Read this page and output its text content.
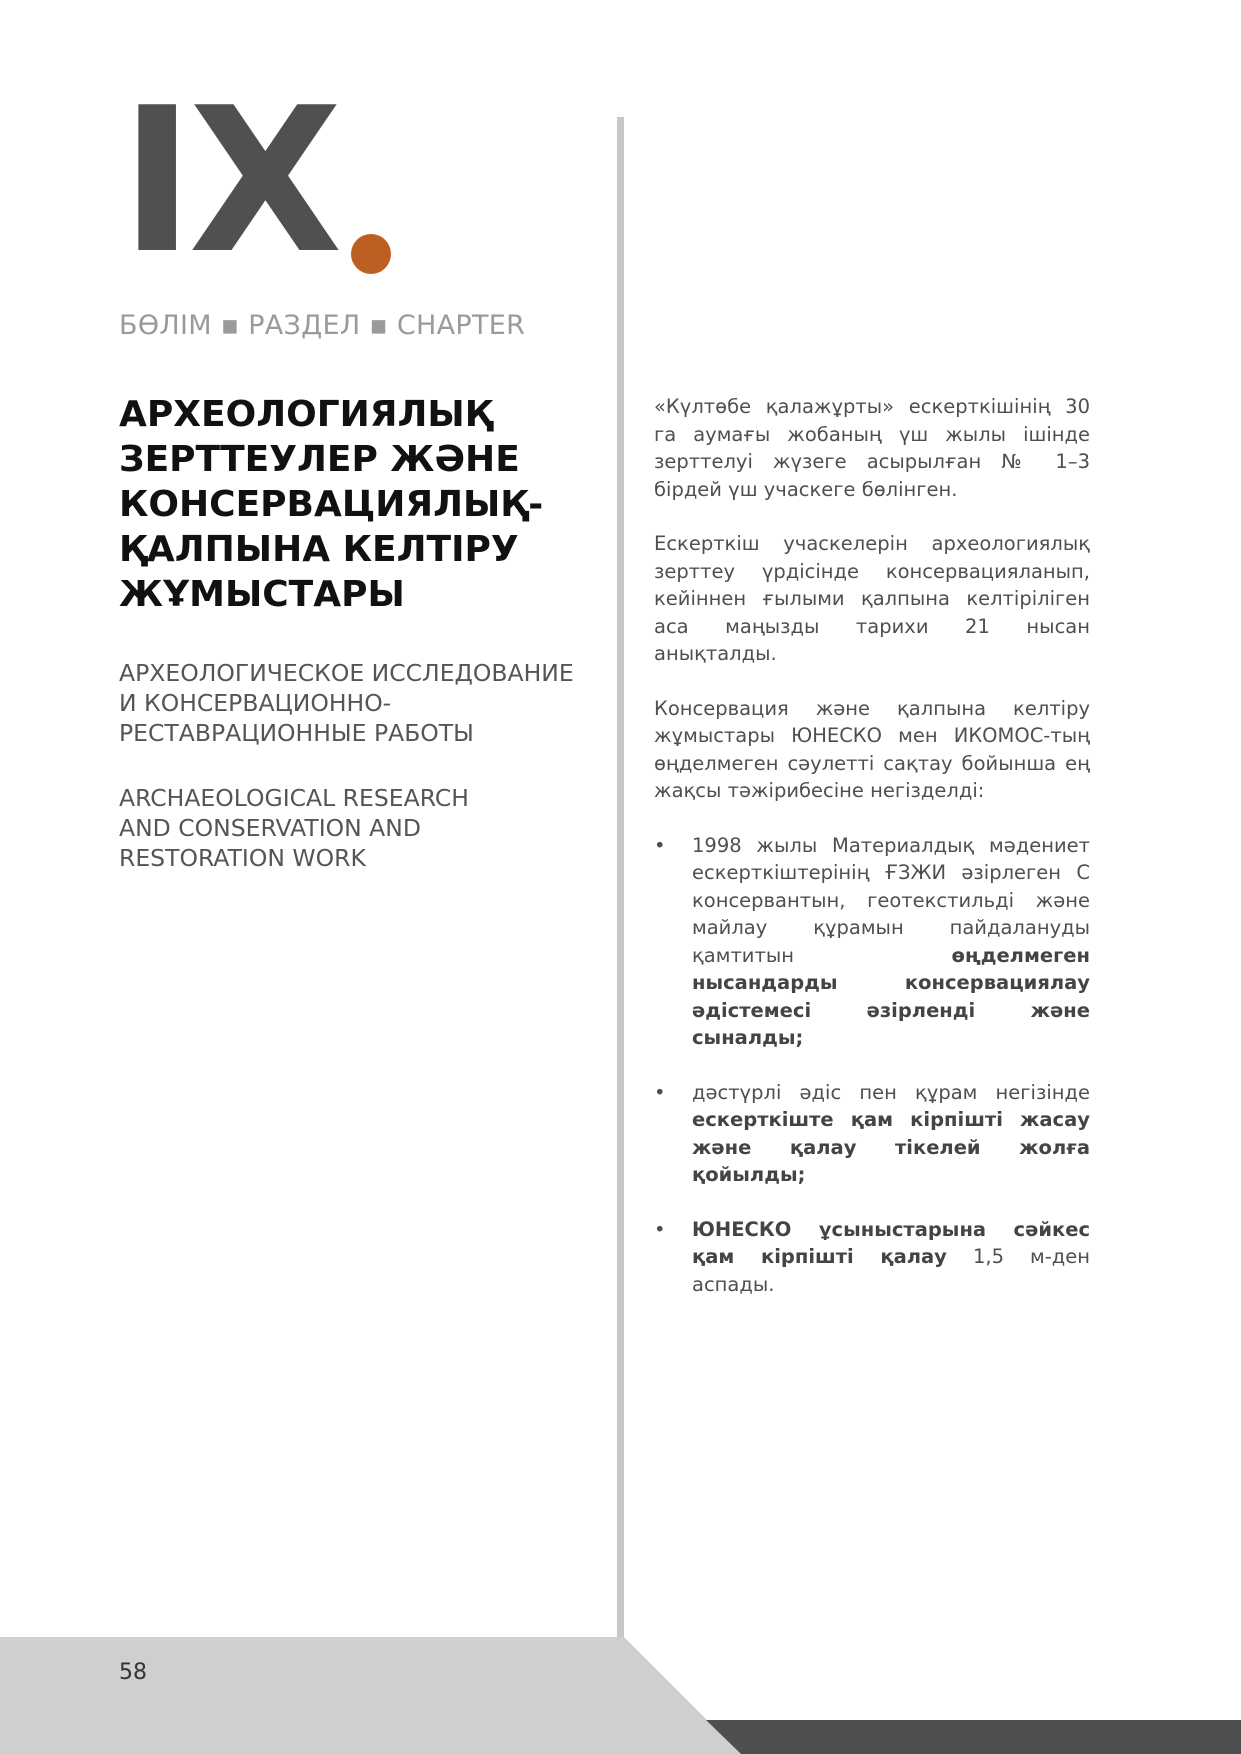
IX
БӨЛІМ ▪ РАЗДЕЛ ▪ CHAPTER
АРХЕОЛОГИЯЛЫҚ
ЗЕРТТЕУЛЕР ЖӘНЕ
КОНСЕРВАЦИЯЛЫҚ-
ҚАЛПЫНА КЕЛТІРУ
ЖҰМЫСТАРЫ
АРХЕОЛОГИЧЕСКОЕ ИССЛЕДОВАНИЕ
И КОНСЕРВАЦИОННО-
РЕСТАВРАЦИОННЫЕ РАБОТЫ
ARCHAEOLOGICAL RESEARCH
AND CONSERVATION AND
RESTORATION WORK

«Күлтөбе қалажұрты» ескерткішінің 30 га аумағы жобаның үш жылы ішінде зерттелуі жүзеге асырылған № 1–3 бірдей үш учаскеге бөлінген.

Ескерткіш учаскелерін археологиялық зерттеу үрдісінде консервацияланып, кейіннен ғылыми қалпына келтіріліген аса маңызды тарихи 21 нысан анықталды.

Консервация және қалпына келтіру жұмыстары ЮНЕСКО мен ИКОМОС-тың өңделмеген сәулетті сақтау бойынша ең жақсы тәжірибесіне негізделді:

• 1998 жылы Материалдық мәдениет ескерткіштерінің ҒЗЖИ әзірлеген С консервантын, геотекстильді және майлау құрамын пайдалануды қамтитын өңделмеген нысандарды консервациялау әдістемесі әзірленді және сыналды;
• дәстүрлі әдіс пен құрам негізінде ескерткіште қам кірпішті жасау және қалау тікелей жолға қойылды;
• ЮНЕСКО ұсыныстарына сәйкес қам кірпішті қалау 1,5 м-ден аспады.
58
